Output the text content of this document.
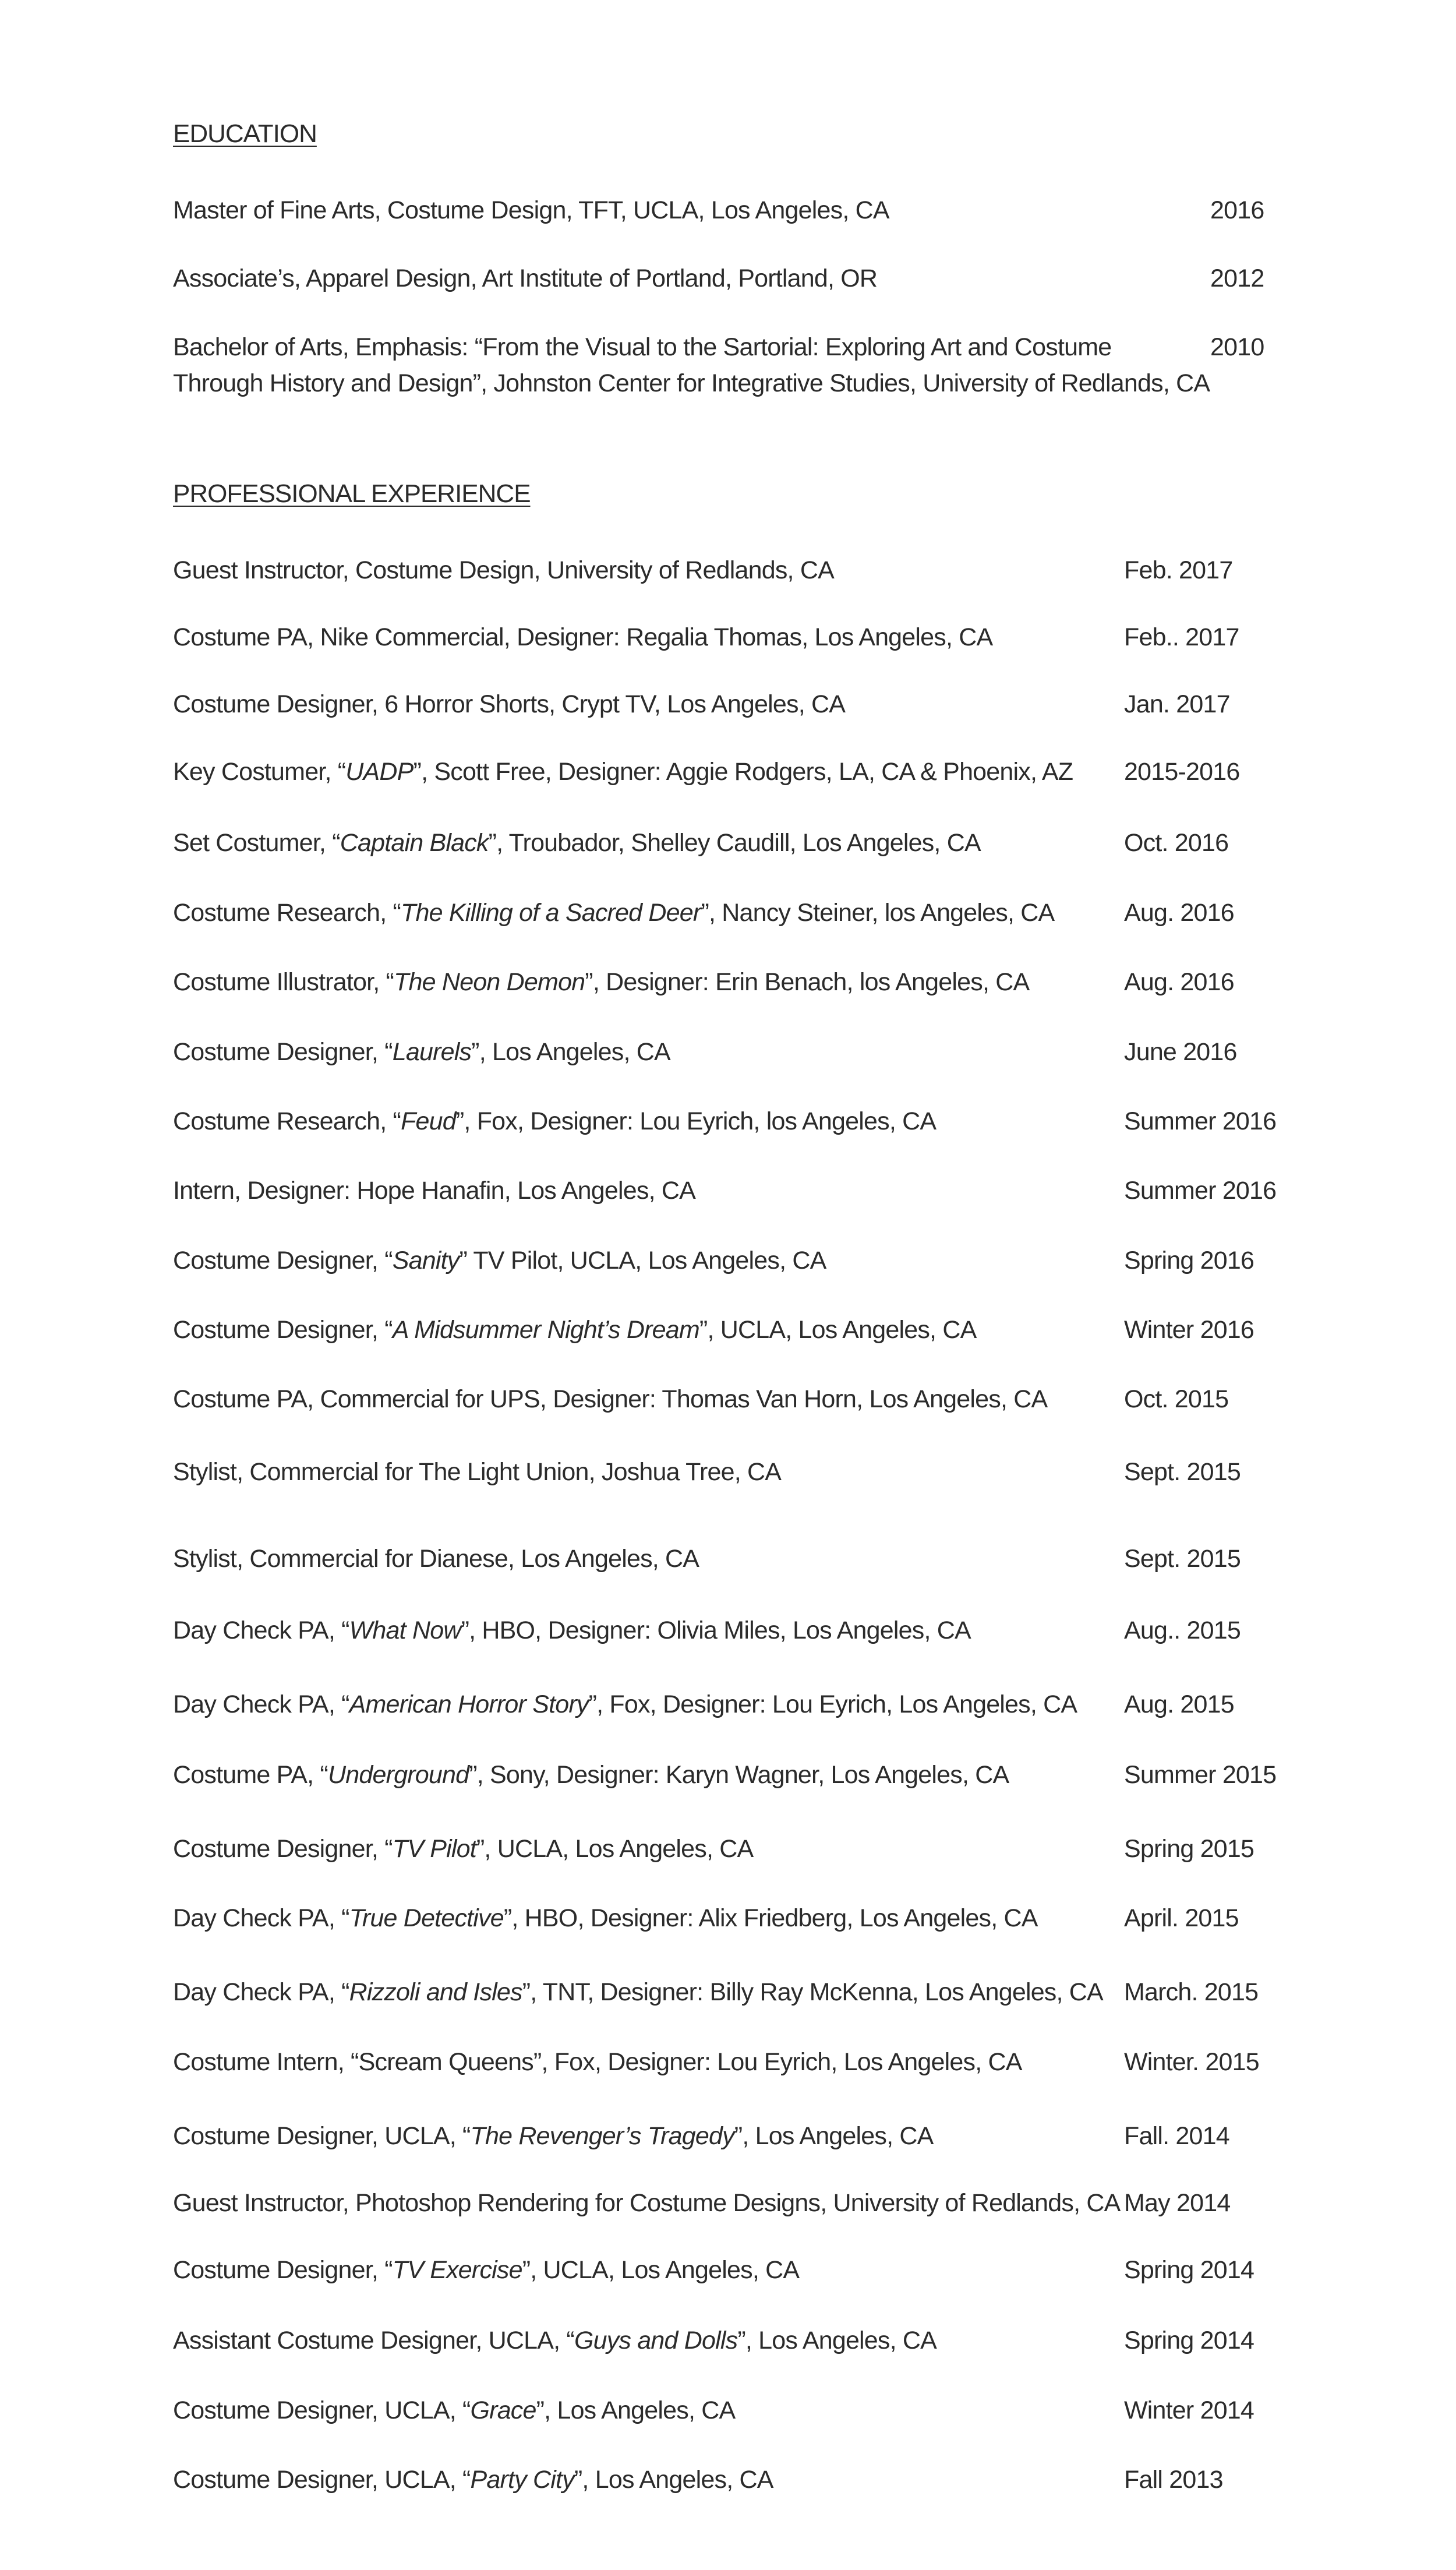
EDUCATION
Master of Fine Arts, Costume Design, TFT, UCLA, Los Angeles, CA	2016
Associate’s, Apparel Design, Art Institute of Portland, Portland, OR	2012
Bachelor of Arts, Emphasis: “From the Visual to the Sartorial: Exploring Art and Costume
Through History and Design”, Johnston Center for Integrative Studies, University of Redlands, CA
2010
PROFESSIONAL EXPERIENCE
Guest Instructor, Costume Design, University of Redlands, CA	Feb. 2017
Costume PA, Nike Commercial, Designer: Regalia Thomas, Los Angeles, CA	Feb.. 2017
Costume Designer, 6 Horror Shorts, Crypt TV, Los Angeles, CA	Jan. 2017
Key Costumer, “UADP”, Scott Free, Designer: Aggie Rodgers, LA, CA & Phoenix, AZ 2015-2016
Set Costumer, “Captain Black”, Troubador, Shelley Caudill, Los Angeles, CA	Oct. 2016
Costume Research, “The Killing of a Sacred Deer”, Nancy Steiner, los Angeles, CA	Aug. 2016
Costume Illustrator, “The Neon Demon”, Designer: Erin Benach, los Angeles, CA	Aug. 2016
Costume Designer, “Laurels”, Los Angeles, CA	June 2016
Costume Research, “Feud”, Fox, Designer: Lou Eyrich, los Angeles, CA	Summer 2016
Intern, Designer: Hope Hanafin, Los Angeles, CA	Summer 2016
Costume Designer, “Sanity” TV Pilot, UCLA, Los Angeles, CA	Spring 2016
Costume Designer, “A Midsummer Night’s Dream”, UCLA, Los Angeles, CA	Winter 2016
Costume PA, Commercial for UPS, Designer: Thomas Van Horn, Los Angeles, CA	Oct. 2015
Stylist, Commercial for The Light Union, Joshua Tree, CA	Sept. 2015
Stylist, Commercial for Dianese, Los Angeles, CA	Sept. 2015
Day Check PA, “What Now”, HBO, Designer: Olivia Miles, Los Angeles, CA	Aug.. 2015
Day Check PA, “American Horror Story”, Fox, Designer: Lou Eyrich, Los Angeles, CA Aug. 2015
Costume PA, “Underground”, Sony, Designer: Karyn Wagner, Los Angeles, CA	Summer 2015
Costume Designer, “TV Pilot”, UCLA, Los Angeles, CA	Spring 2015
Day Check PA, “True Detective”, HBO, Designer: Alix Friedberg, Los Angeles, CA	April. 2015
Day Check PA, “Rizzoli and Isles”, TNT, Designer: Billy Ray McKenna, Los Angeles, CA March. 2015
Costume Intern, “Scream Queens”, Fox, Designer: Lou Eyrich, Los Angeles, CA	Winter. 2015
Costume Designer, UCLA, “The Revenger’s Tragedy”, Los Angeles, CA	Fall. 2014
Guest Instructor, Photoshop Rendering for Costume Designs, University of Redlands, CA May 2014
Costume Designer, “TV Exercise”, UCLA, Los Angeles, CA	Spring 2014
Assistant Costume Designer, UCLA, “Guys and Dolls”, Los Angeles, CA	Spring 2014
Costume Designer, UCLA, “Grace”, Los Angeles, CA	Winter 2014
Costume Designer, UCLA, “Party City”, Los Angeles, CA	Fall 2013
